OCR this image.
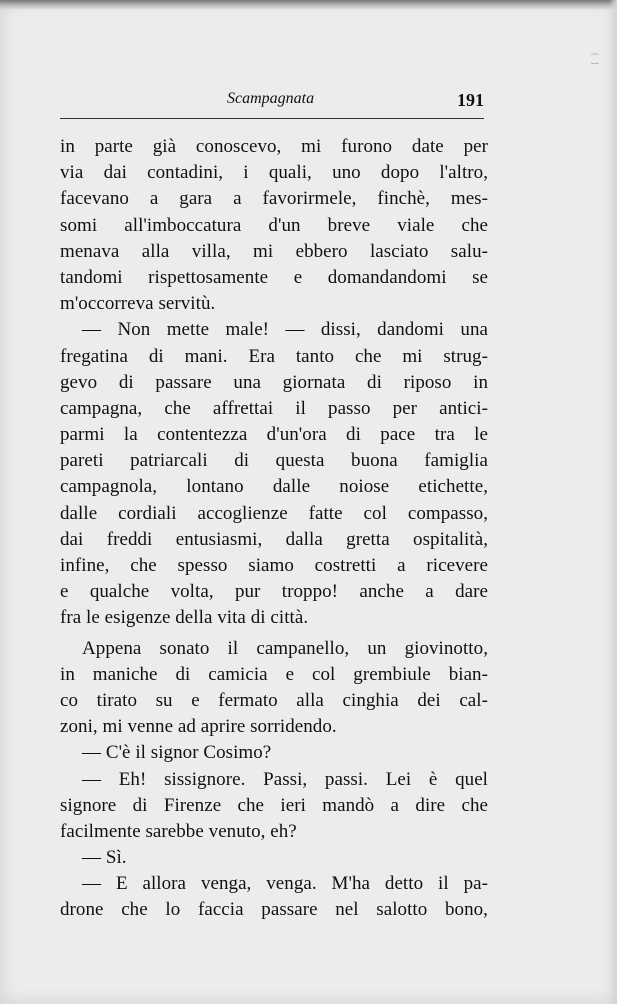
Scampagnata	191
in parte già conoscevo, mi furono date per
via dai contadini, i quali, uno dopo l'altro,
facevano a gara a favorirmele, finchè, mes-
somi all'imboccatura d'un breve viale che
menava alla villa, mi ebbero lasciato salu-
tandomi rispettosamente e domandandomi se
m'occorreva servitù.
— Non mette male! — dissi, dandomi una
fregatina di mani. Era tanto che mi strug-
gevo di passare una giornata di riposo in
campagna, che affrettai il passo per antici-
parmi la contentezza d'un'ora di pace tra le
pareti patriarcali di questa buona famiglia
campagnola, lontano dalle noiose etichette,
dalle cordiali accoglienze fatte col compasso,
dai freddi entusiasmi, dalla gretta ospitalità,
infine, che spesso siamo costretti a ricevere
e qualche volta, pur troppo! anche a dare
fra le esigenze della vita di città.
Appena sonato il campanello, un giovinotto,
in maniche di camicia e col grembiule bian-
co tirato su e fermato alla cinghia dei cal-
zoni, mi venne ad aprire sorridendo.
— C'è il signor Cosimo?
— Eh! sissignore. Passi, passi. Lei è quel
signore di Firenze che ieri mandò a dire che
facilmente sarebbe venuto, eh?
— Sì.
— E allora venga, venga. M'ha detto il pa-
drone che lo faccia passare nel salotto bono,
